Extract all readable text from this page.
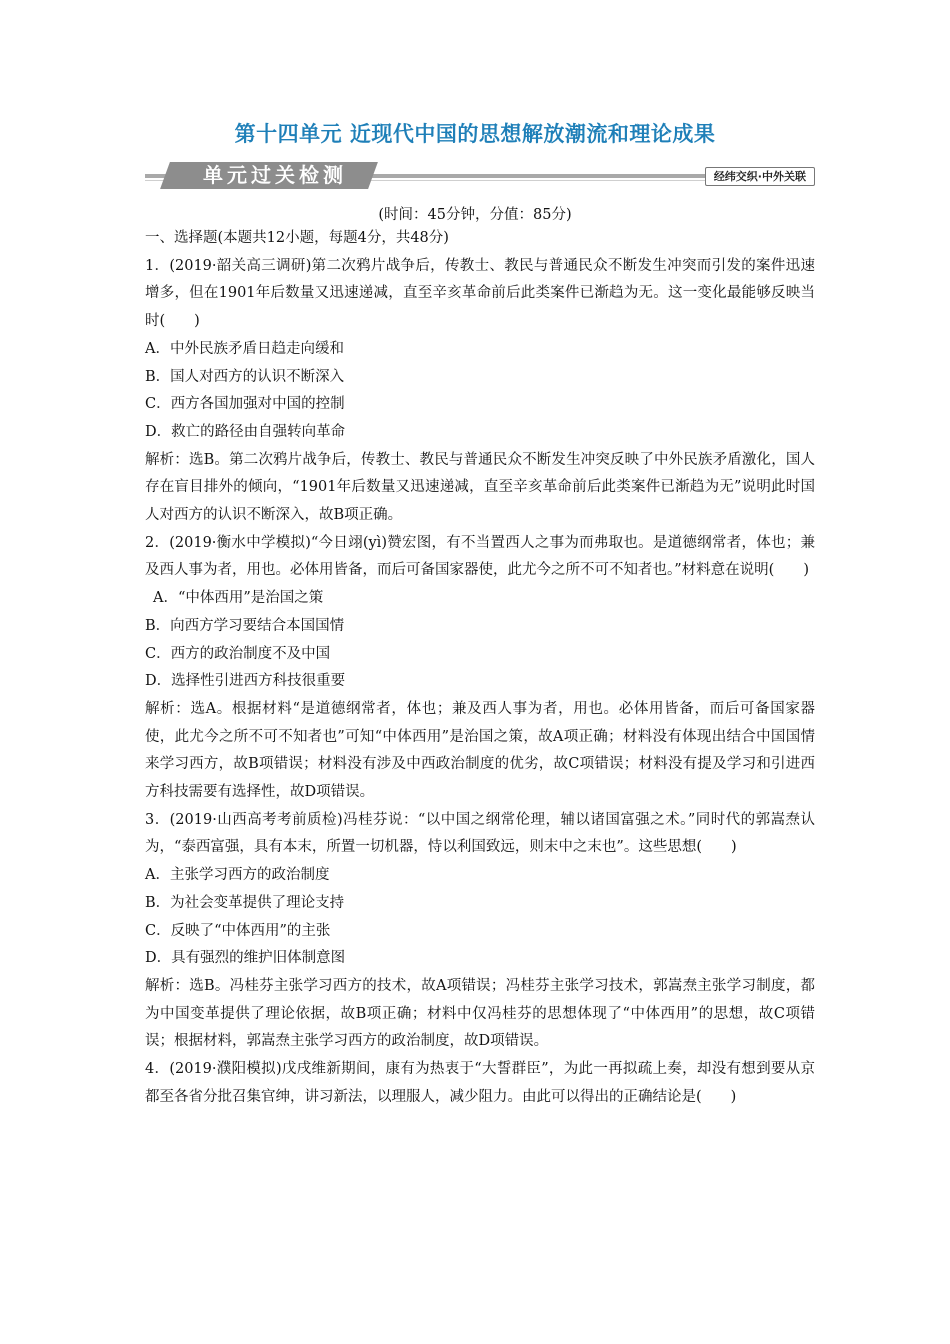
第十四单元 近现代中国的思想解放潮流和理论成果
单元过关检测	经纬交织·中外关联
(时间：45分钟，分值：85分)

一、选择题(本题共12小题，每题4分，共48分)

1．(2019·韶关高三调研)第二次鸦片战争后，传教士、教民与普通民众不断发生冲突而引发的案件迅速增多，但在1901年后数量又迅速递减，直至辛亥革命前后此类案件已渐趋为无。这一变化最能够反映当时(　　)

A．中外民族矛盾日趋走向缓和

B．国人对西方的认识不断深入

C．西方各国加强对中国的控制

D．救亡的路径由自强转向革命

解析：选B。第二次鸦片战争后，传教士、教民与普通民众不断发生冲突反映了中外民族矛盾激化，国人存在盲目排外的倾向，“1901年后数量又迅速递减，直至辛亥革命前后此类案件已渐趋为无”说明此时国人对西方的认识不断深入，故B项正确。

2．(2019·衡水中学模拟)“今日翊(yì)赞宏图，有不当置西人之事为而弗取也。是道德纲常者，体也；兼及西人事为者，用也。必体用皆备，而后可备国家器使，此尤今之所不可不知者也。”材料意在说明(　　)

A．“中体西用”是治国之策

B．向西方学习要结合本国国情

C．西方的政治制度不及中国

D．选择性引进西方科技很重要

解析：选A。根据材料“是道德纲常者，体也；兼及西人事为者，用也。必体用皆备，而后可备国家器使，此尤今之所不可不知者也”可知“中体西用”是治国之策，故A项正确；材料没有体现出结合中国国情来学习西方，故B项错误；材料没有涉及中西政治制度的优劣，故C项错误；材料没有提及学习和引进西方科技需要有选择性，故D项错误。

3．(2019·山西高考考前质检)冯桂芬说：“以中国之纲常伦理，辅以诸国富强之术。”同时代的郭嵩焘认为，“泰西富强，具有本末，所置一切机器，恃以利国致远，则末中之末也”。这些思想(　　)

A．主张学习西方的政治制度

B．为社会变革提供了理论支持

C．反映了“中体西用”的主张

D．具有强烈的维护旧体制意图

解析：选B。冯桂芬主张学习西方的技术，故A项错误；冯桂芬主张学习技术，郭嵩焘主张学习制度，都为中国变革提供了理论依据，故B项正确；材料中仅冯桂芬的思想体现了“中体西用”的思想，故C项错误；根据材料，郭嵩焘主张学习西方的政治制度，故D项错误。

4．(2019·濮阳模拟)戊戌维新期间，康有为热衷于“大誓群臣”，为此一再拟疏上奏，却没有想到要从京都至各省分批召集官绅，讲习新法，以理服人，减少阻力。由此可以得出的正确结论是(　　)
